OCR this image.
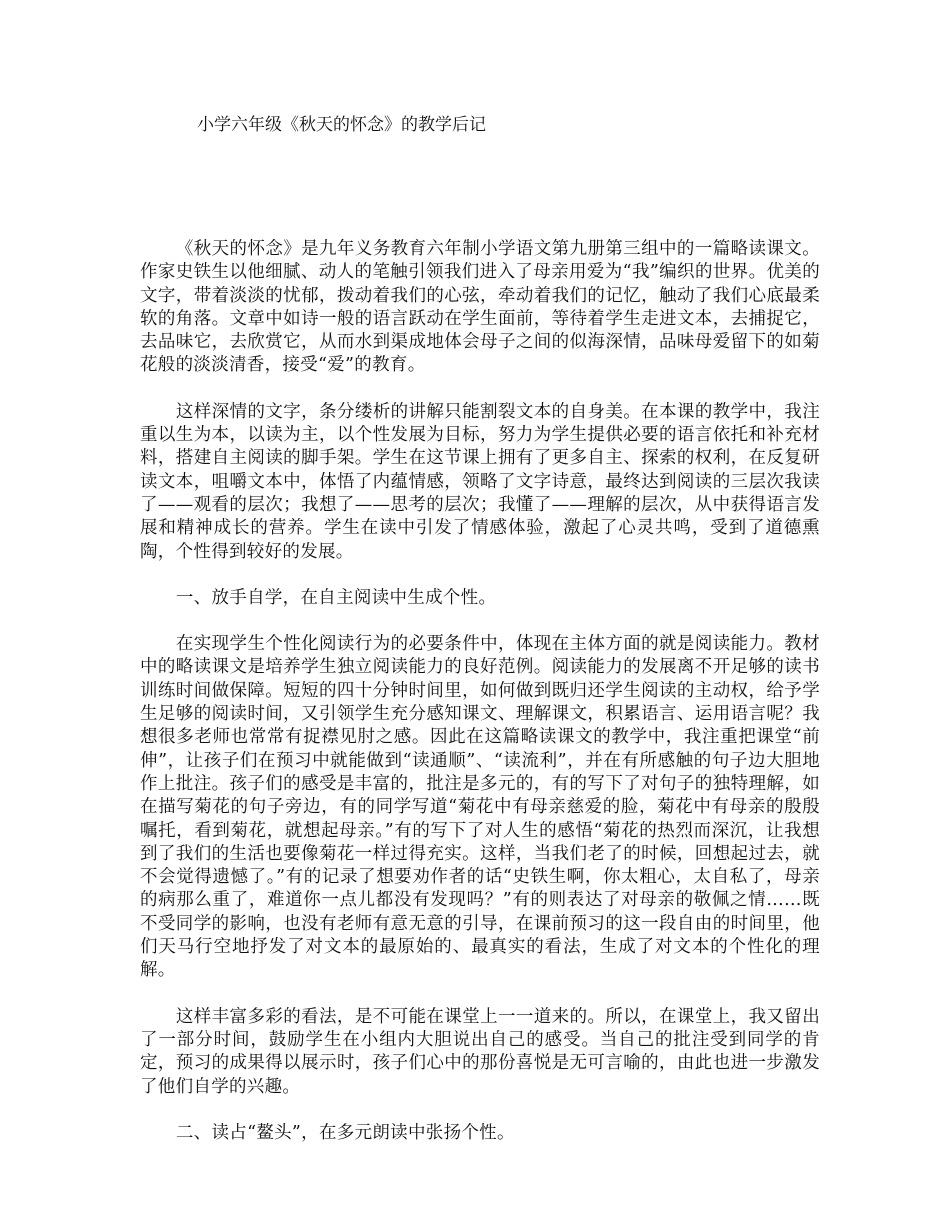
小学六年级《秋天的怀念》的教学后记

《秋天的怀念》是九年义务教育六年制小学语文第九册第三组中的一篇略读课文。作家史铁生以他细腻、动人的笔触引领我们进入了母亲用爱为“我”编织的世界。优美的文字，带着淡淡的忧郁，拨动着我们的心弦，牵动着我们的记忆，触动了我们心底最柔软的角落。文章中如诗一般的语言跃动在学生面前，等待着学生走进文本，去捕捉它，去品味它，去欣赏它，从而水到渠成地体会母子之间的似海深情，品味母爱留下的如菊花般的淡淡清香，接受“爱”的教育。

这样深情的文字，条分缕析的讲解只能割裂文本的自身美。在本课的教学中，我注重以生为本，以读为主，以个性发展为目标，努力为学生提供必要的语言依托和补充材料，搭建自主阅读的脚手架。学生在这节课上拥有了更多自主、探索的权利，在反复研读文本，咀嚼文本中，体悟了内蕴情感，领略了文字诗意，最终达到阅读的三层次我读了——观看的层次；我想了——思考的层次；我懂了——理解的层次，从中获得语言发展和精神成长的营养。学生在读中引发了情感体验，激起了心灵共鸣，受到了道德熏陶，个性得到较好的发展。

一、放手自学，在自主阅读中生成个性。

在实现学生个性化阅读行为的必要条件中，体现在主体方面的就是阅读能力。教材中的略读课文是培养学生独立阅读能力的良好范例。阅读能力的发展离不开足够的读书训练时间做保障。短短的四十分钟时间里，如何做到既归还学生阅读的主动权，给予学生足够的阅读时间，又引领学生充分感知课文、理解课文，积累语言、运用语言呢？我想很多老师也常常有捉襟见肘之感。因此在这篇略读课文的教学中，我注重把课堂“前伸”，让孩子们在预习中就能做到“读通顺”、“读流利”，并在有所感触的句子边大胆地作上批注。孩子们的感受是丰富的，批注是多元的，有的写下了对句子的独特理解，如在描写菊花的句子旁边，有的同学写道“菊花中有母亲慈爱的脸，菊花中有母亲的殷殷嘱托，看到菊花，就想起母亲。”有的写下了对人生的感悟“菊花的热烈而深沉，让我想到了我们的生活也要像菊花一样过得充实。这样，当我们老了的时候，回想起过去，就不会觉得遗憾了。”有的记录了想要劝作者的话“史铁生啊，你太粗心，太自私了，母亲的病那么重了，难道你一点儿都没有发现吗？”有的则表达了对母亲的敬佩之情……既不受同学的影响，也没有老师有意无意的引导，在课前预习的这一段自由的时间里，他们天马行空地抒发了对文本的最原始的、最真实的看法，生成了对文本的个性化的理解。

这样丰富多彩的看法，是不可能在课堂上一一道来的。所以，在课堂上，我又留出了一部分时间，鼓励学生在小组内大胆说出自己的感受。当自己的批注受到同学的肯定，预习的成果得以展示时，孩子们心中的那份喜悦是无可言喻的，由此也进一步激发了他们自学的兴趣。

二、读占“鳌头”，在多元朗读中张扬个性。
